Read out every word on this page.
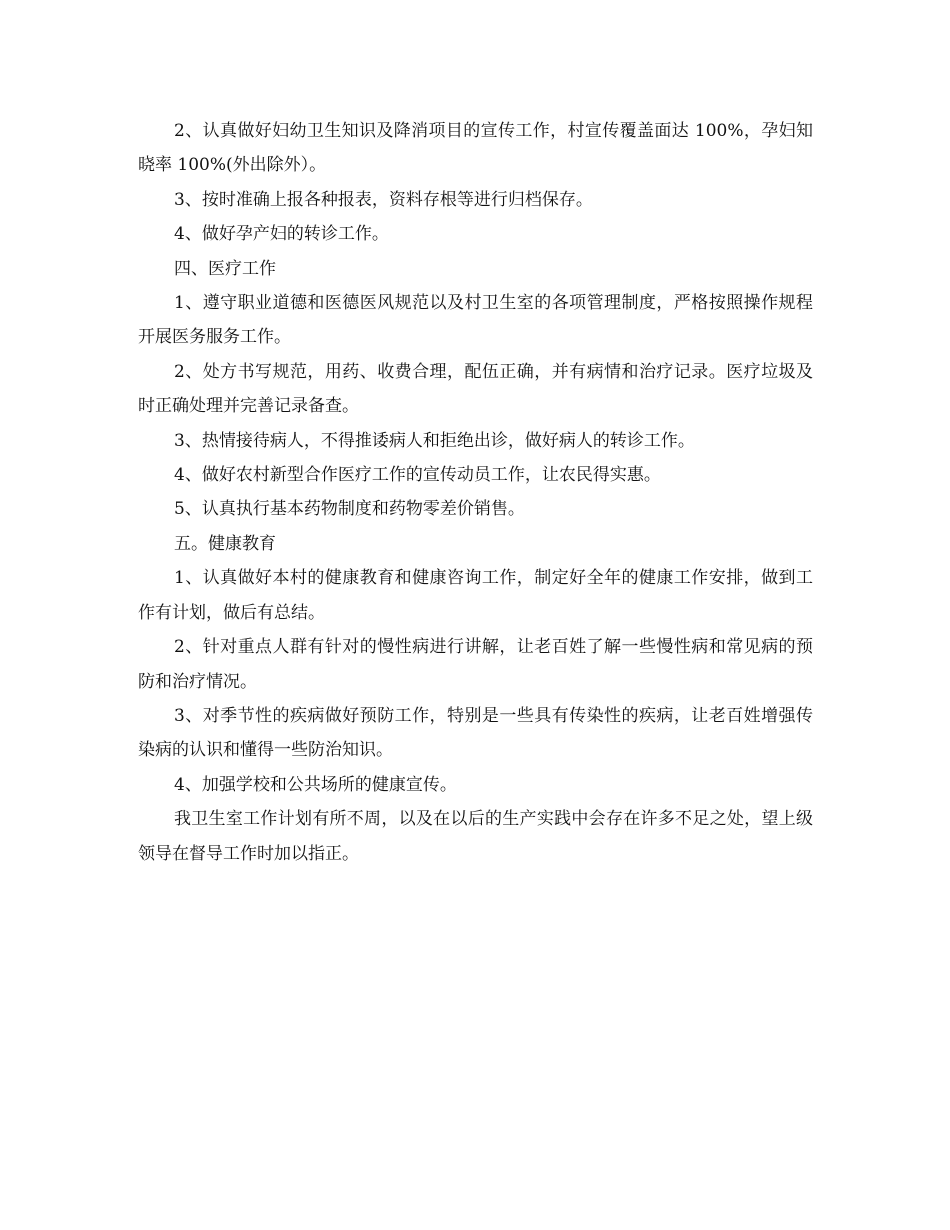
2、认真做好妇幼卫生知识及降消项目的宣传工作，村宣传覆盖面达 100%，孕妇知晓率 100%(外出除外）。

3、按时准确上报各种报表，资料存根等进行归档保存。

4、做好孕产妇的转诊工作。

四、医疗工作

1、遵守职业道德和医德医风规范以及村卫生室的各项管理制度，严格按照操作规程开展医务服务工作。

2、处方书写规范，用药、收费合理，配伍正确，并有病情和治疗记录。医疗垃圾及时正确处理并完善记录备查。

3、热情接待病人，不得推诿病人和拒绝出诊，做好病人的转诊工作。

4、做好农村新型合作医疗工作的宣传动员工作，让农民得实惠。

5、认真执行基本药物制度和药物零差价销售。

五。健康教育

1、认真做好本村的健康教育和健康咨询工作，制定好全年的健康工作安排，做到工作有计划，做后有总结。

2、针对重点人群有针对的慢性病进行讲解，让老百姓了解一些慢性病和常见病的预防和治疗情况。

3、对季节性的疾病做好预防工作，特别是一些具有传染性的疾病，让老百姓增强传染病的认识和懂得一些防治知识。

4、加强学校和公共场所的健康宣传。

我卫生室工作计划有所不周，以及在以后的生产实践中会存在许多不足之处，望上级领导在督导工作时加以指正。
